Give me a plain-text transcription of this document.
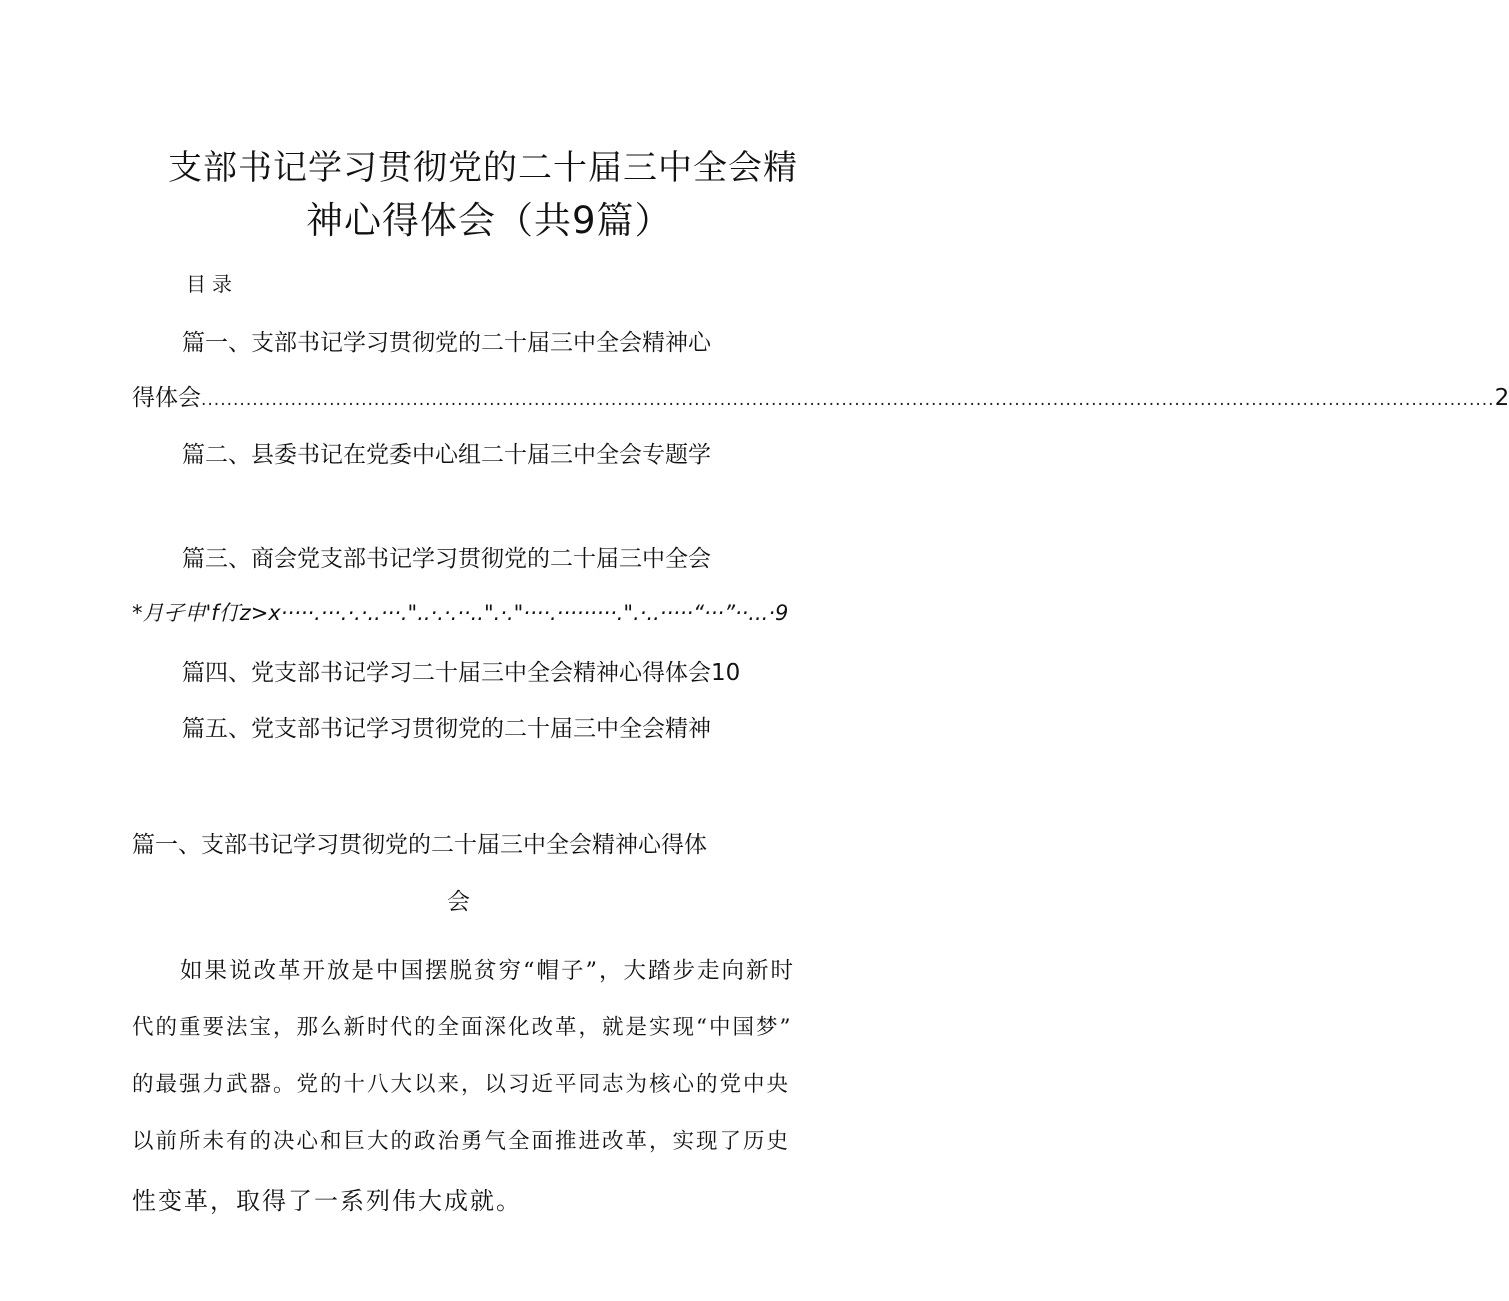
支部书记学习贯彻党的二十届三中全会精
神心得体会（共9篇）
目录
篇一、支部书记学习贯彻党的二十届三中全会精神心
得体会 .......................................................................................................................................................................................................... 2
篇二、县委书记在党委中心组二十届三中全会专题学
篇三、商会党支部书记学习贯彻党的二十届三中全会
*月孑申'f仃z>x·····.···.·.·..···."..·.·.··..".·."····.·········.".·..·····“···”··...·9
篇四、党支部书记学习二十届三中全会精神心得体会10
篇五、党支部书记学习贯彻党的二十届三中全会精神
篇一、支部书记学习贯彻党的二十届三中全会精神心得体
会
如果说改革开放是中国摆脱贫穷“帽子”，大踏步走向新时
代的重要法宝，那么新时代的全面深化改革，就是实现“中国梦”
的最强力武器。党的十八大以来，以习近平同志为核心的党中央
以前所未有的决心和巨大的政治勇气全面推进改革，实现了历史
性变革，取得了一系列伟大成就。
